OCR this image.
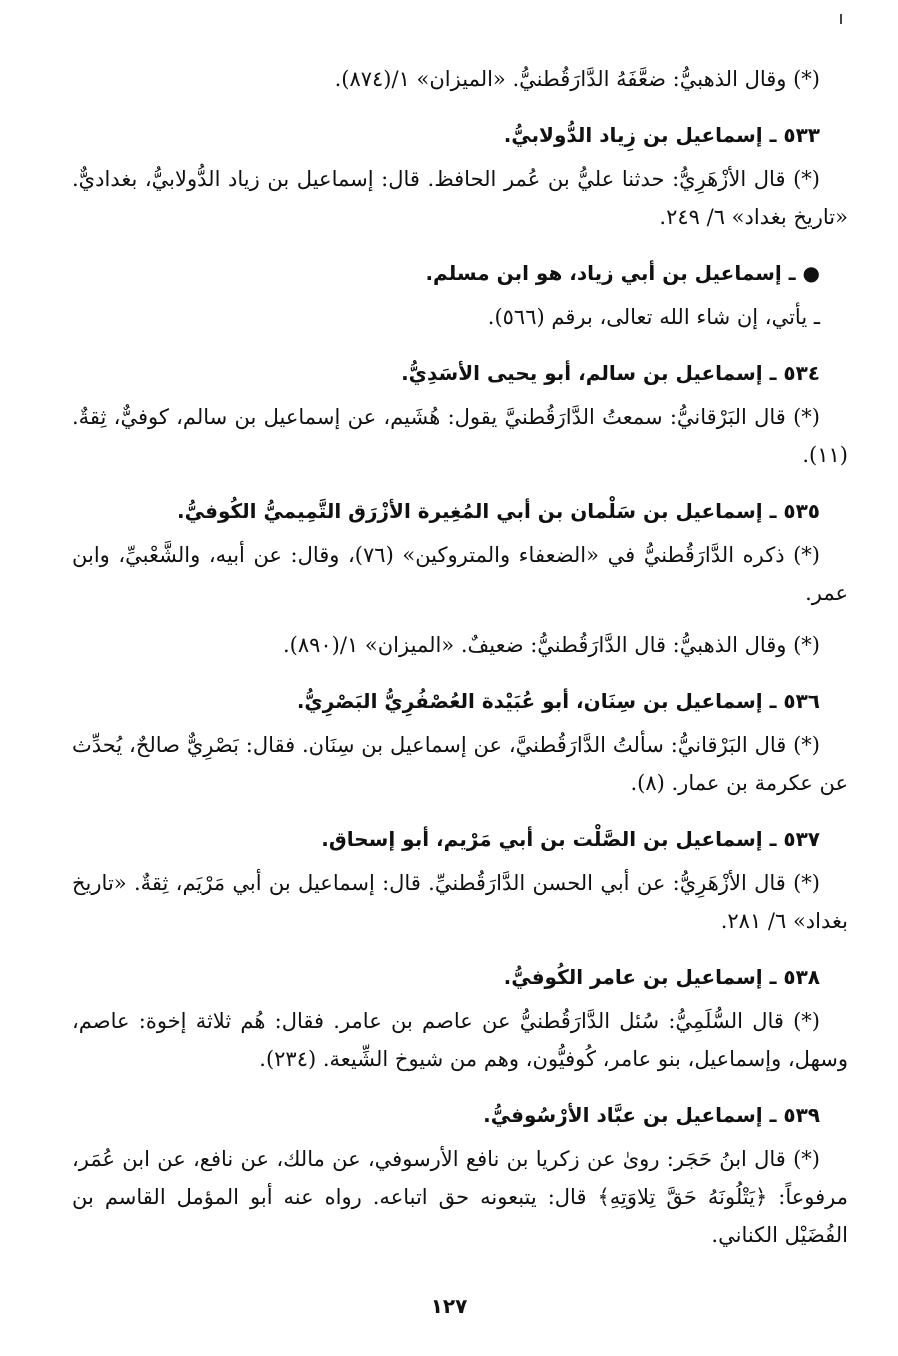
(*) وقال الذهبيُّ: ضعَّفَهُ الدَّارَقُطنيُّ. «الميزان» ١/(٨٧٤).
٥٣٣ ـ إسماعيل بن زِياد الدُّولابيُّ.
(*) قال الأزْهَرِيُّ: حدثنا عليُّ بن عُمر الحافظ. قال: إسماعيل بن زياد الدُّولابيُّ، بغداديٌّ. «تاريخ بغداد» ٦/ ٢٤٩.
● ـ إسماعيل بن أبي زياد، هو ابن مسلم.
ـ يأتي، إن شاء الله تعالى، برقم (٥٦٦).
٥٣٤ ـ إسماعيل بن سالم، أبو يحيى الأسَدِيُّ.
(*) قال البَرْقانيُّ: سمعتُ الدَّارَقُطنيَّ يقول: هُشَيم، عن إسماعيل بن سالم، كوفيٌّ، ثِقةٌ. (١١).
٥٣٥ ـ إسماعيل بن سَلْمان بن أبي المُغِيرة الأزْرَق التَّمِيميُّ الكُوفيُّ.
(*) ذكره الدَّارَقُطنيُّ في «الضعفاء والمتروكين» (٧٦)، وقال: عن أبيه، والشَّعْبيِّ، وابن عمر.
(*) وقال الذهبيُّ: قال الدَّارَقُطنيُّ: ضعيفٌ. «الميزان» ١/(٨٩٠).
٥٣٦ ـ إسماعيل بن سِنَان، أبو عُبَيْدة العُصْفُرِيُّ البَصْرِيُّ.
(*) قال البَرْقانيُّ: سألتُ الدَّارَقُطنيَّ، عن إسماعيل بن سِنَان. فقال: بَصْرِيٌّ صالحٌ، يُحدِّث عن عكرمة بن عمار. (٨).
٥٣٧ ـ إسماعيل بن الصَّلْت بن أبي مَرْيم، أبو إسحاق.
(*) قال الأزْهَرِيُّ: عن أبي الحسن الدَّارَقُطنيِّ. قال: إسماعيل بن أبي مَرْيَم، ثِقةٌ. «تاريخ بغداد» ٦/ ٢٨١.
٥٣٨ ـ إسماعيل بن عامر الكُوفيُّ.
(*) قال السُّلَمِيُّ: سُئل الدَّارَقُطنيُّ عن عاصم بن عامر. فقال: هُم ثلاثة إخوة: عاصم، وسهل، وإسماعيل، بنو عامر، كُوفيُّون، وهم من شيوخ الشِّيعة. (٢٣٤).
٥٣٩ ـ إسماعيل بن عبَّاد الأرْسُوفيُّ.
(*) قال ابنُ حَجَر: روىٰ عن زكريا بن نافع الأرسوفي، عن مالك، عن نافع، عن ابن عُمَر، مرفوعاً: ﴿يَتْلُونَهُ حَقَّ تِلاوَتِهِ﴾ قال: يتبعونه حق اتباعه. رواه عنه أبو المؤمل القاسم بن الفُضَيْل الكناني.
١٢٧
